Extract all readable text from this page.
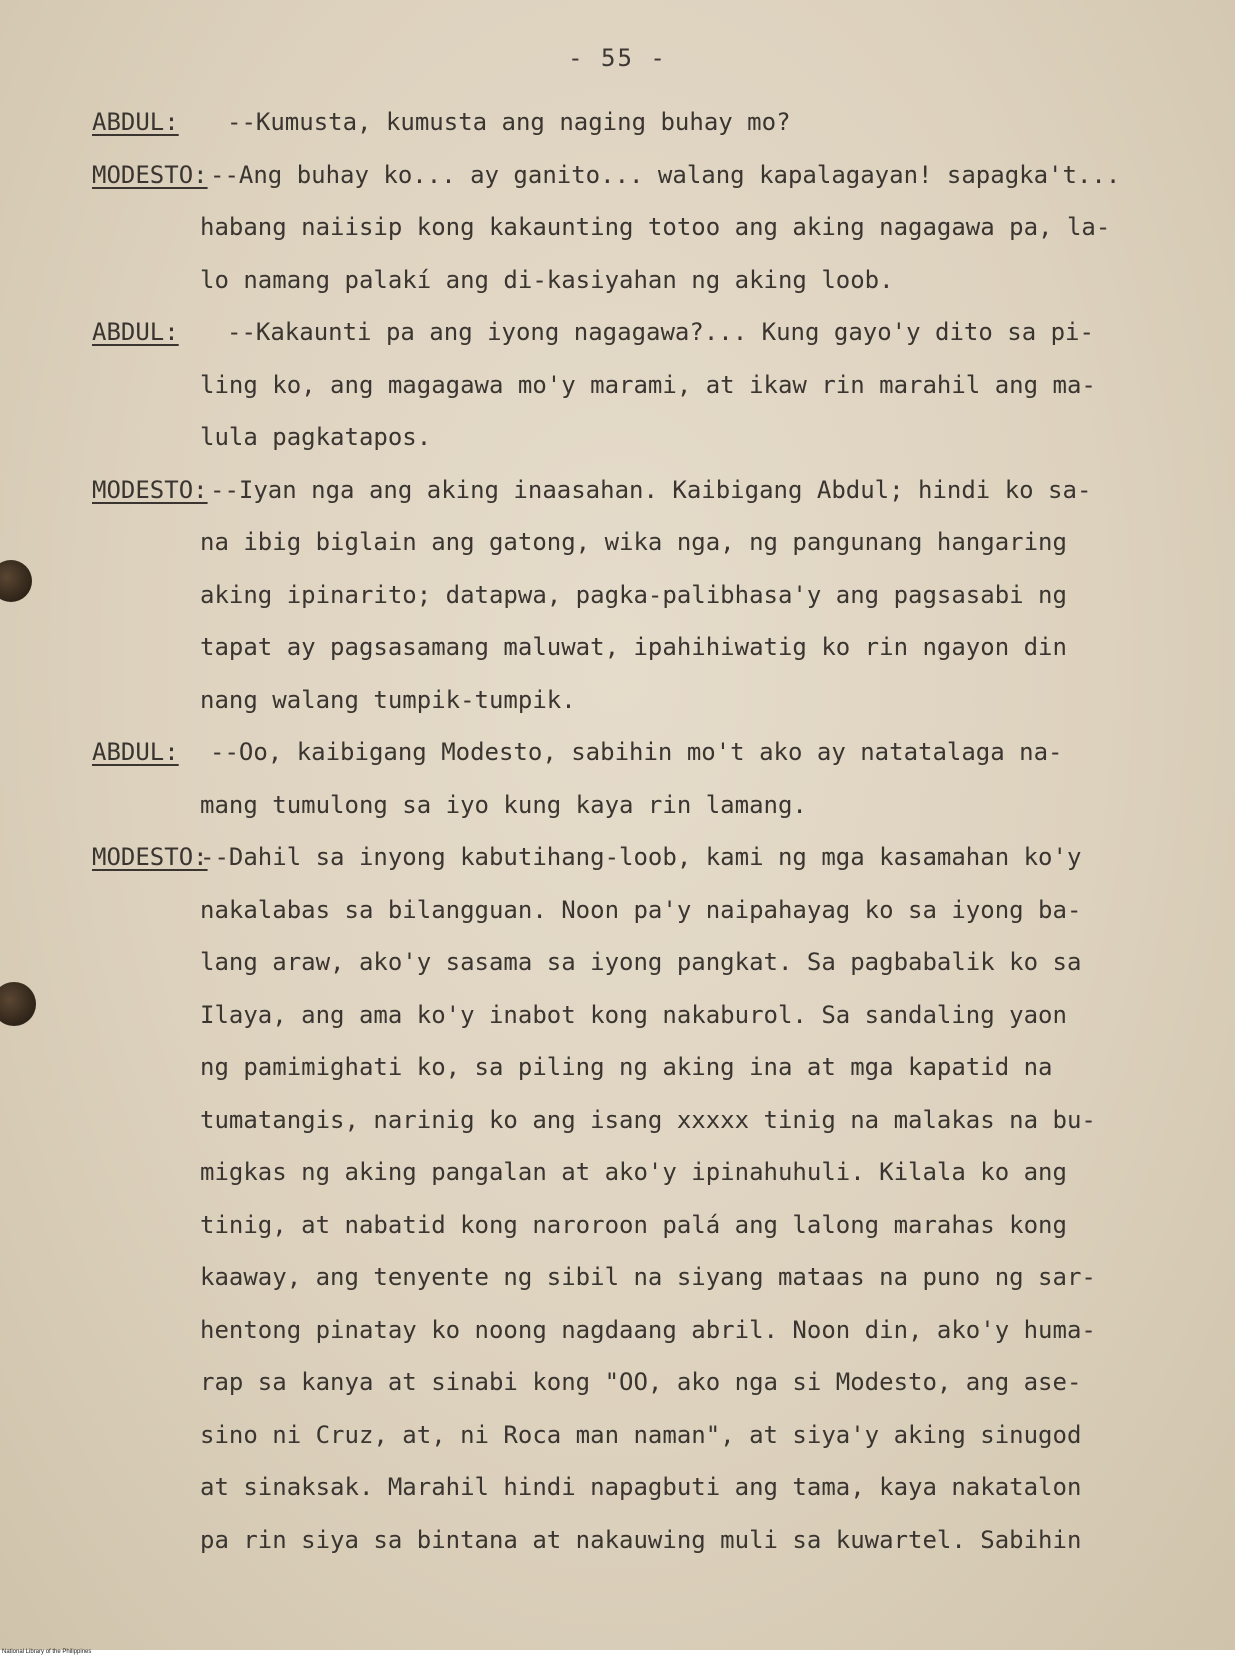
- 55 -
ABDUL:	--Kumusta, kumusta ang naging buhay mo?
MODESTO: --Ang buhay ko... ay ganito... walang kapalagayan! sapagka't...
habang naiisip kong kakaunting totoo ang aking nagagawa pa, la-
lo namang palakí ang di-kasiyahan ng aking loob.
ABDUL:	--Kakaunti pa ang iyong nagagawa?... Kung gayo'y dito sa pi-
ling ko, ang magagawa mo'y marami, at ikaw rin marahil ang ma-
lula pagkatapos.
MODESTO: --Iyan nga ang aking inaasahan. Kaibigang Abdul; hindi ko sa-
na ibig biglain ang gatong, wika nga, ng pangunang hangaring
aking ipinarito; datapwa, pagka-palibhasa'y ang pagsasabi ng
tapat ay pagsasamang maluwat, ipahihiwatig ko rin ngayon din
nang walang tumpik-tumpik.
ABDUL:	--Oo, kaibigang Modesto, sabihin mo't ako ay natatalaga na-
mang tumulong sa iyo kung kaya rin lamang.
MODESTO:
--Dahil sa inyong kabutihang-loob, kami ng mga kasamahan ko'y
nakalabas sa bilangguan. Noon pa'y naipahayag ko sa iyong ba-
lang araw, ako'y sasama sa iyong pangkat. Sa pagbabalik ko sa
Ilaya, ang ama ko'y inabot kong nakaburol. Sa sandaling yaon
ng pamimighati ko, sa piling ng aking ina at mga kapatid na
tumatangis, narinig ko ang isang xxxxx tinig na malakas na bu-
migkas ng aking pangalan at ako'y ipinahuhuli. Kilala ko ang
tinig, at nabatid kong naroroon palá ang lalong marahas kong
kaaway, ang tenyente ng sibil na siyang mataas na puno ng sar-
hentong pinatay ko noong nagdaang abril. Noon din, ako'y huma-
rap sa kanya at sinabi kong "OO, ako nga si Modesto, ang ase-
sino ni Cruz, at, ni Roca man naman", at siya'y aking sinugod
at sinaksak. Marahil hindi napagbuti ang tama, kaya nakatalon
pa rin siya sa bintana at nakauwing muli sa kuwartel. Sabihin
National Library of the Philippines
